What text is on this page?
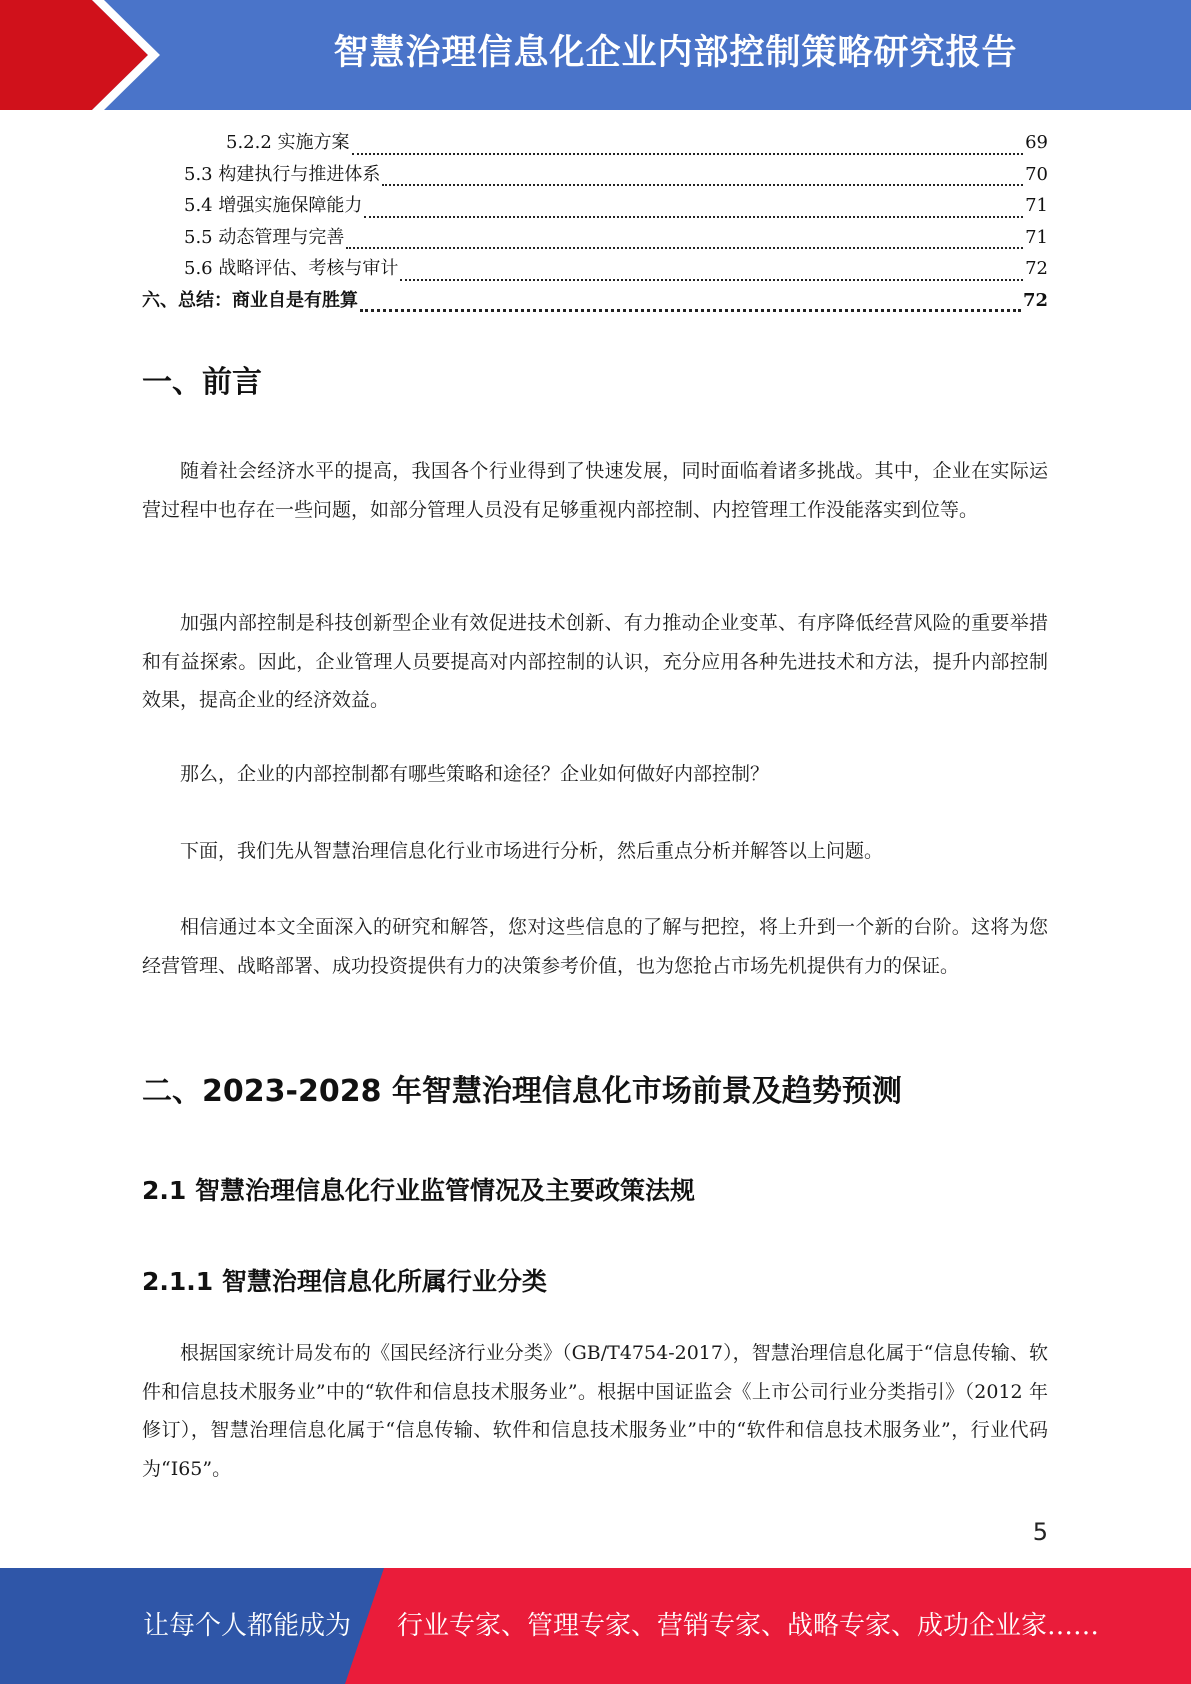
智慧治理信息化企业内部控制策略研究报告
5.2.2 实施方案	69
5.3 构建执行与推进体系	70
5.4 增强实施保障能力	71
5.5 动态管理与完善	71
5.6 战略评估、考核与审计	72
六、总结：商业自是有胜算	72
一、前言

随着社会经济水平的提高，我国各个行业得到了快速发展，同时面临着诸多挑战。其中，企业在实际运营过程中也存在一些问题，如部分管理人员没有足够重视内部控制、内控管理工作没能落实到位等。

加强内部控制是科技创新型企业有效促进技术创新、有力推动企业变革、有序降低经营风险的重要举措和有益探索。因此，企业管理人员要提高对内部控制的认识，充分应用各种先进技术和方法，提升内部控制效果，提高企业的经济效益。

那么，企业的内部控制都有哪些策略和途径？企业如何做好内部控制？

下面，我们先从智慧治理信息化行业市场进行分析，然后重点分析并解答以上问题。

相信通过本文全面深入的研究和解答，您对这些信息的了解与把控，将上升到一个新的台阶。这将为您经营管理、战略部署、成功投资提供有力的决策参考价值，也为您抢占市场先机提供有力的保证。

二、2023-2028 年智慧治理信息化市场前景及趋势预测
2.1 智慧治理信息化行业监管情况及主要政策法规
2.1.1 智慧治理信息化所属行业分类

根据国家统计局发布的《国民经济行业分类》（GB/T4754-2017），智慧治理信息化属于“信息传输、软件和信息技术服务业”中的“软件和信息技术服务业”。根据中国证监会《上市公司行业分类指引》（2012 年修订），智慧治理信息化属于“信息传输、软件和信息技术服务业”中的“软件和信息技术服务业”，行业代码为“I65”。

5
让每个人都能成为 行业专家、管理专家、营销专家、战略专家、成功企业家……
